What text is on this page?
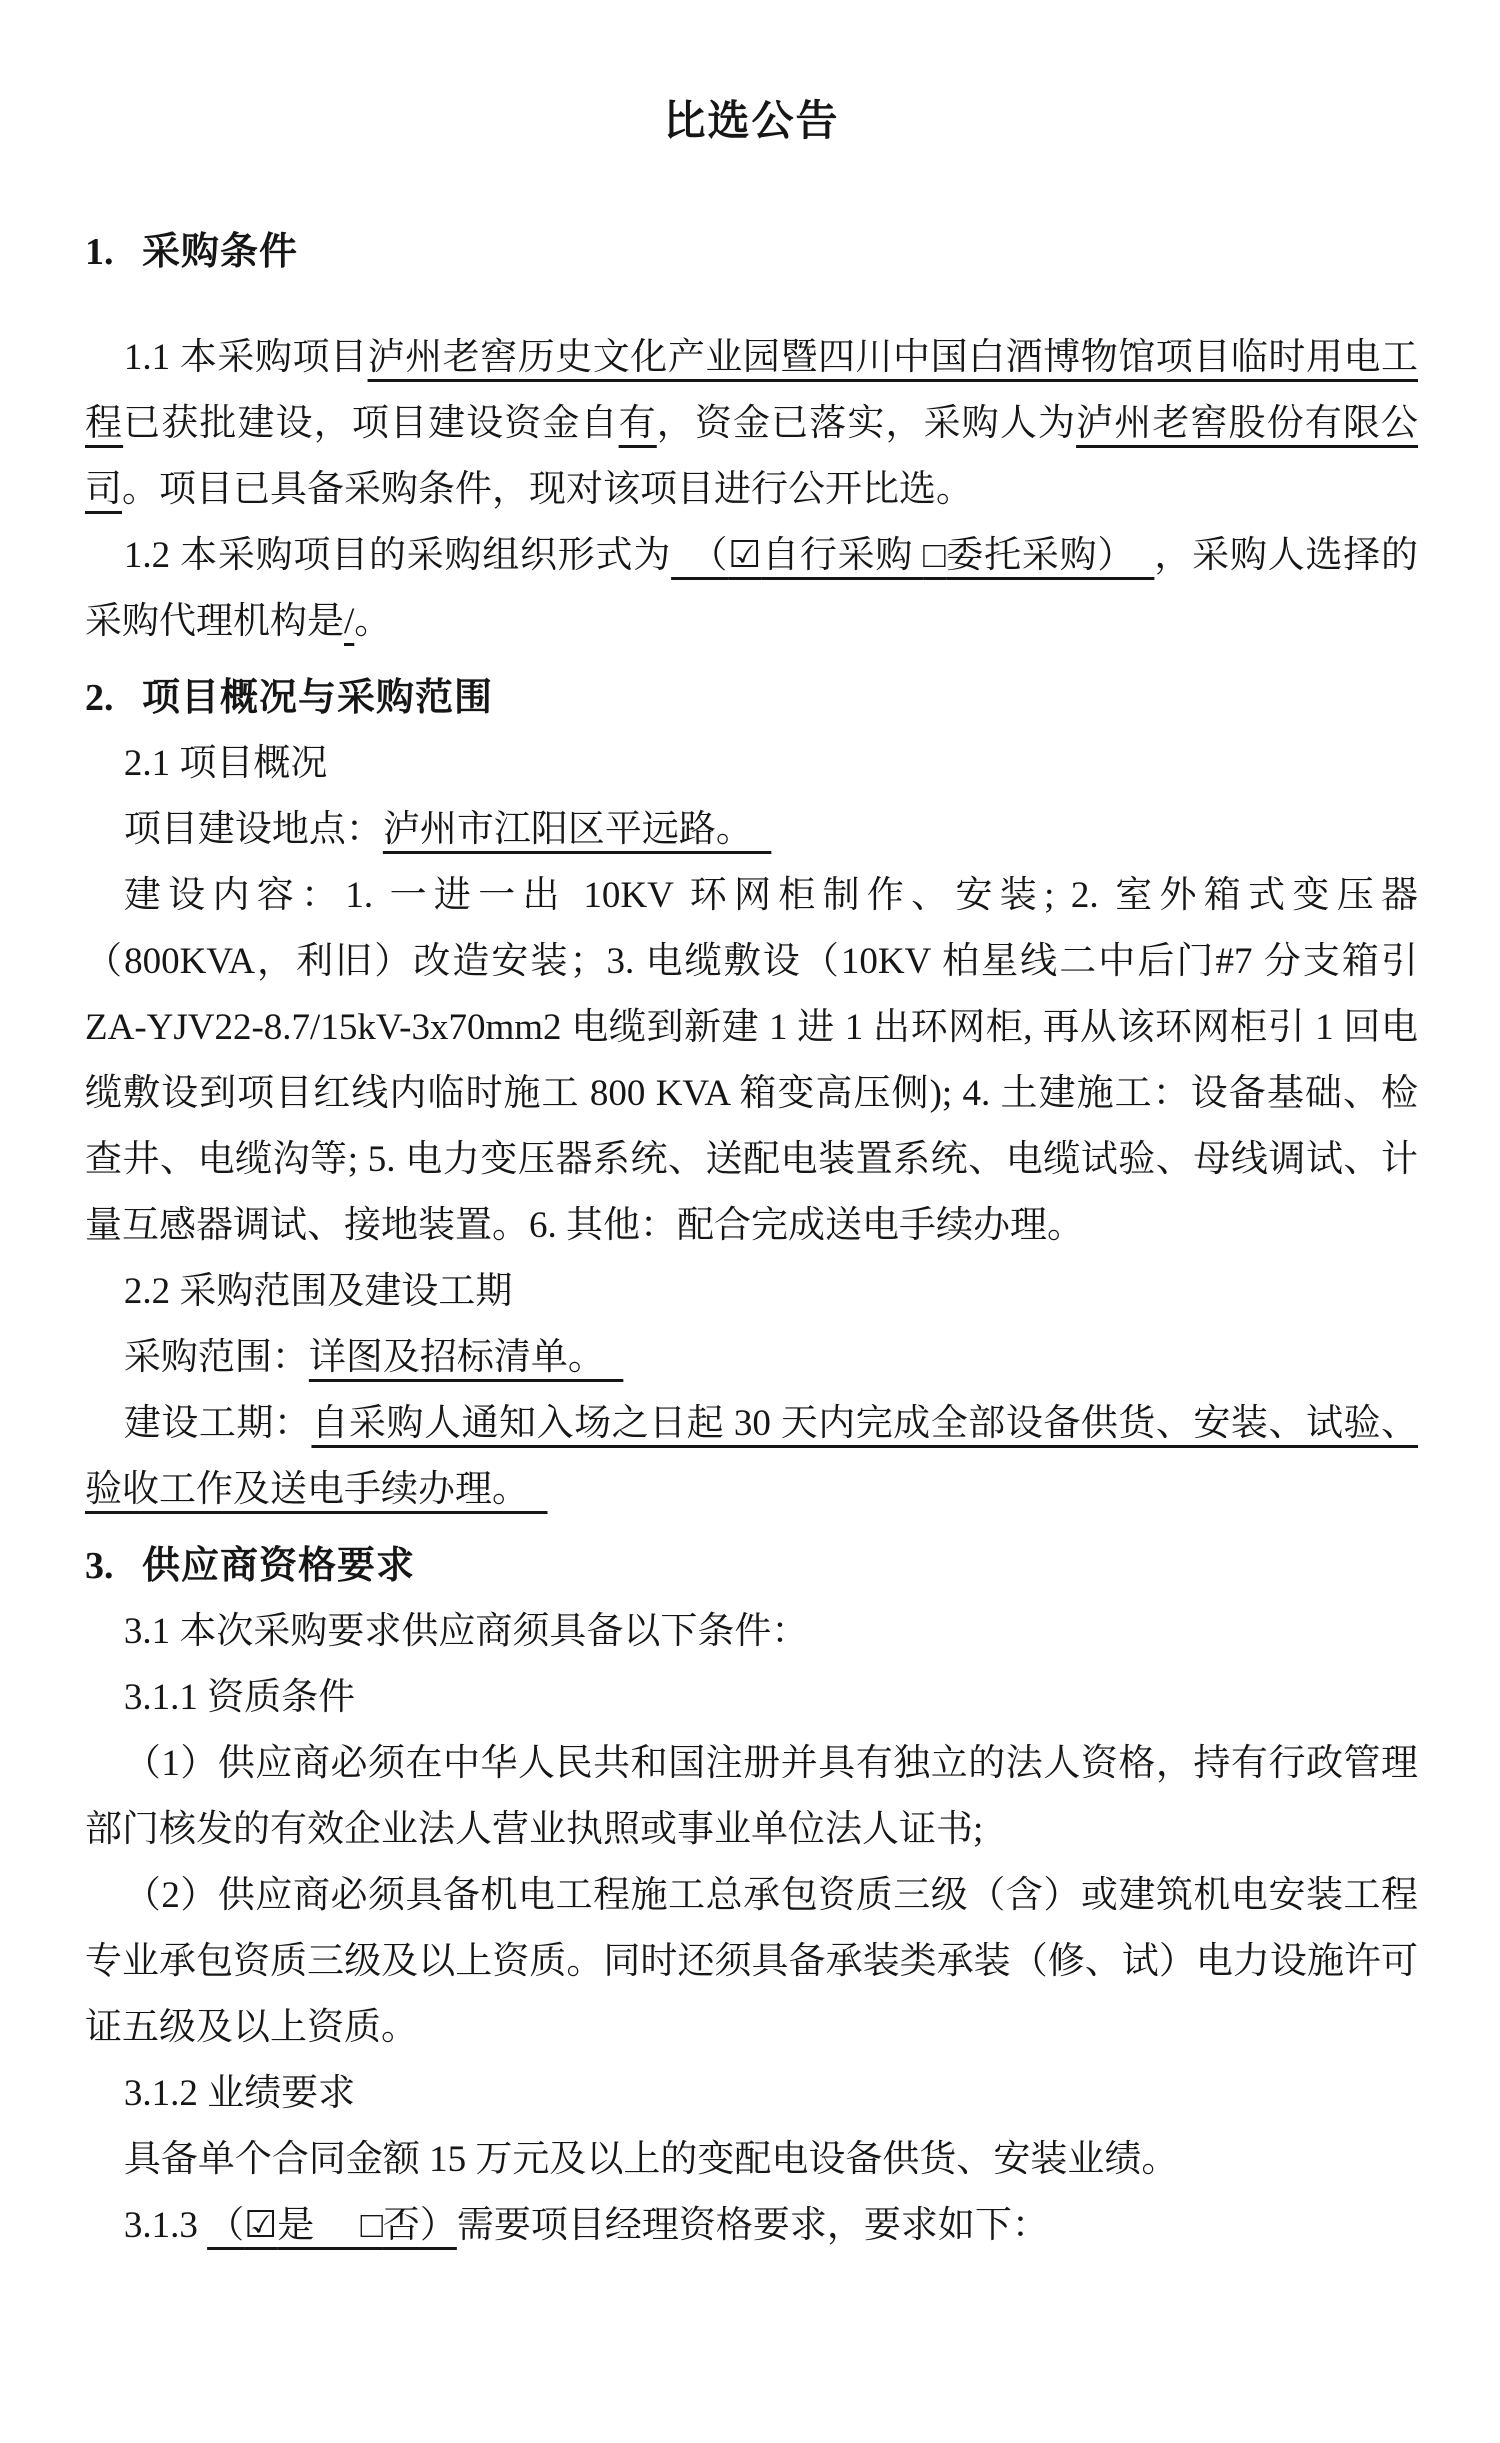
比选公告
1. 采购条件
1.1 本采购项目泸州老窖历史文化产业园暨四川中国白酒博物馆项目临时用电工程已获批建设，项目建设资金自有，资金已落实，采购人为泸州老窖股份有限公司。项目已具备采购条件，现对该项目进行公开比选。
1.2 本采购项目的采购组织形式为　（☑自行采购 □委托采购）　，采购人选择的采购代理机构是/。
2. 项目概况与采购范围
2.1 项目概况
项目建设地点：泸州市江阳区平远路。　
建设内容：1. 一进一出 10KV 环网柜制作、安装; 2. 室外箱式变压器（800KVA，利旧）改造安装；3. 电缆敷设（10KV 柏星线二中后门#7 分支箱引 ZA-YJV22-8.7/15kV-3x70mm2 电缆到新建 1 进 1 出环网柜, 再从该环网柜引 1 回电缆敷设到项目红线内临时施工 800 KVA 箱变高压侧); 4. 土建施工：设备基础、检查井、电缆沟等; 5. 电力变压器系统、送配电装置系统、电缆试验、母线调试、计量互感器调试、接地装置。6. 其他：配合完成送电手续办理。
2.2 采购范围及建设工期
采购范围：详图及招标清单。　
建设工期：自采购人通知入场之日起 30 天内完成全部设备供货、安装、试验、验收工作及送电手续办理。　
3. 供应商资格要求
3.1 本次采购要求供应商须具备以下条件：
3.1.1 资质条件
（1）供应商必须在中华人民共和国注册并具有独立的法人资格，持有行政管理部门核发的有效企业法人营业执照或事业单位法人证书;
（2）供应商必须具备机电工程施工总承包资质三级（含）或建筑机电安装工程专业承包资质三级及以上资质。同时还须具备承装类承装（修、试）电力设施许可证五级及以上资质。
3.1.2 业绩要求
具备单个合同金额 15 万元及以上的变配电设备供货、安装业绩。
3.1.3 （☑是　 □否）需要项目经理资格要求，要求如下：
